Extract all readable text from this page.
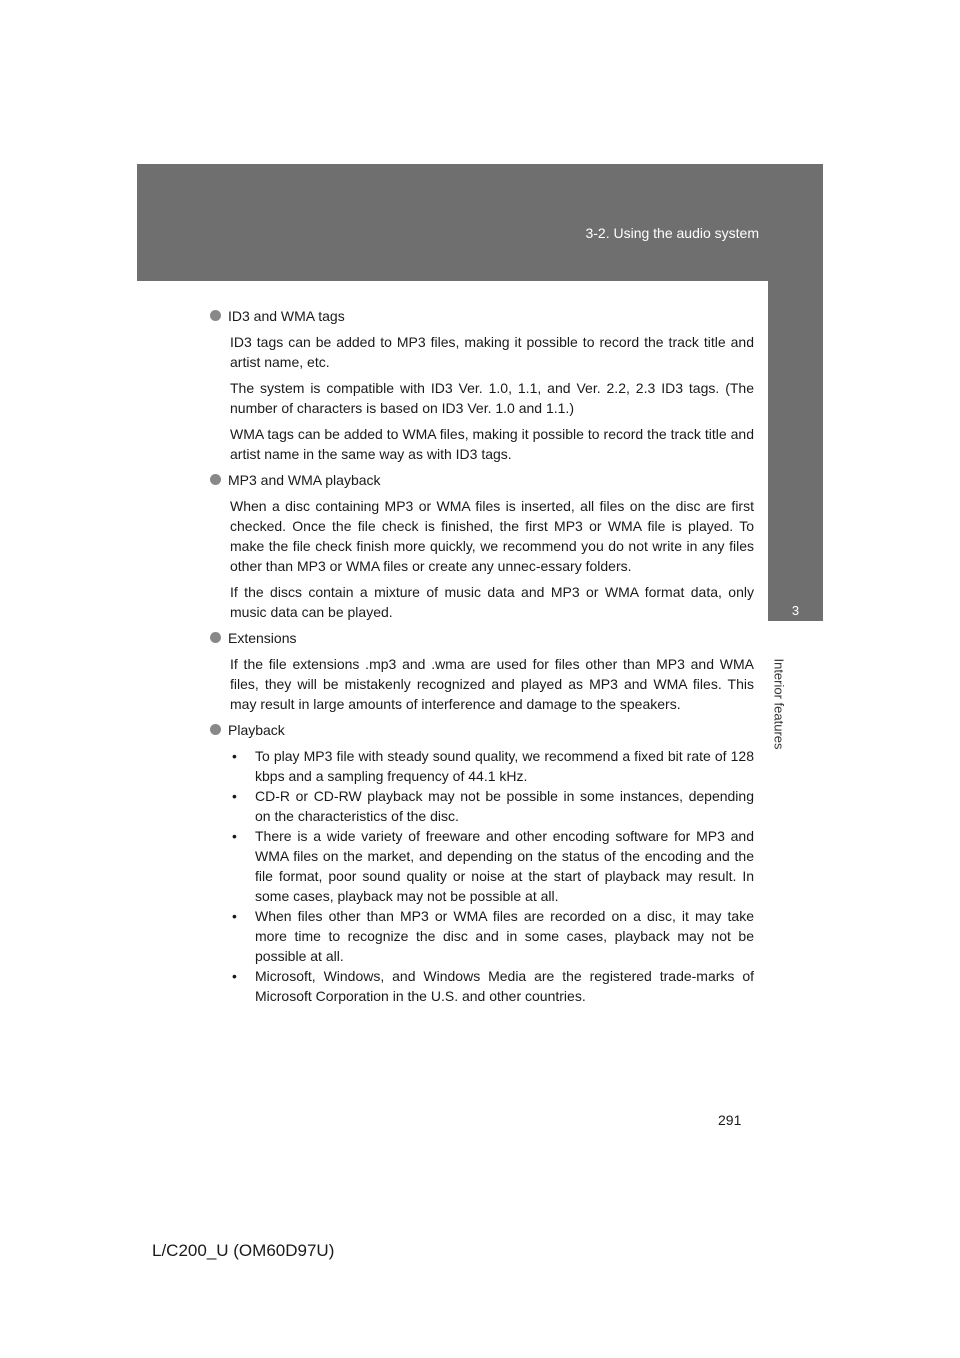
3-2. Using the audio system
3
Interior features
ID3 and WMA tags
ID3 tags can be added to MP3 files, making it possible to record the track title and artist name, etc.
The system is compatible with ID3 Ver. 1.0, 1.1, and Ver. 2.2, 2.3 ID3 tags. (The number of characters is based on ID3 Ver. 1.0 and 1.1.)
WMA tags can be added to WMA files, making it possible to record the track title and artist name in the same way as with ID3 tags.
MP3 and WMA playback
When a disc containing MP3 or WMA files is inserted, all files on the disc are first checked. Once the file check is finished, the first MP3 or WMA file is played. To make the file check finish more quickly, we recommend you do not write in any files other than MP3 or WMA files or create any unnec-essary folders.
If the discs contain a mixture of music data and MP3 or WMA format data, only music data can be played.
Extensions
If the file extensions .mp3 and .wma are used for files other than MP3 and WMA files, they will be mistakenly recognized and played as MP3 and WMA files. This may result in large amounts of interference and damage to the speakers.
Playback
• To play MP3 file with steady sound quality, we recommend a fixed bit rate of 128 kbps and a sampling frequency of 44.1 kHz.
• CD-R or CD-RW playback may not be possible in some instances, depending on the characteristics of the disc.
• There is a wide variety of freeware and other encoding software for MP3 and WMA files on the market, and depending on the status of the encoding and the file format, poor sound quality or noise at the start of playback may result. In some cases, playback may not be possible at all.
• When files other than MP3 or WMA files are recorded on a disc, it may take more time to recognize the disc and in some cases, playback may not be possible at all.
• Microsoft, Windows, and Windows Media are the registered trade-marks of Microsoft Corporation in the U.S. and other countries.
291
L/C200_U (OM60D97U)
